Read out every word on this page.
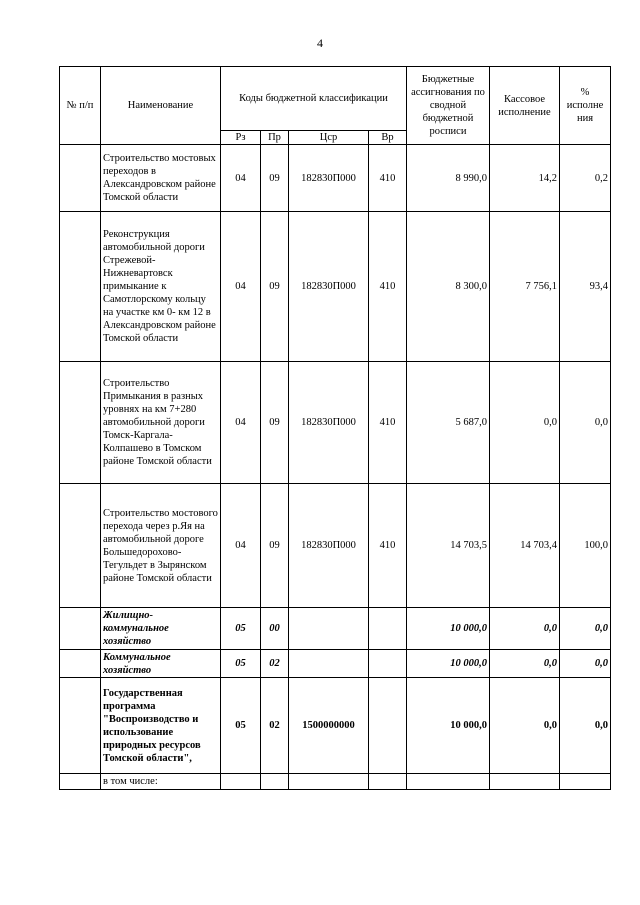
4
№ п/п	Наименование	Коды бюджетной классификации				Бюджетные ассигнования по сводной бюджетной росписи	Кассовое исполнение	% исполне ния
		Рз	Пр	Цср	Вр			
	Строительство мостовых переходов в Александровском районе Томской области	04	09	182830П000	410	8 990,0	14,2	0,2
	Реконструкция автомобильной дороги Стрежевой-Нижневартовск примыкание к Самотлорскому кольцу на участке км 0- км 12 в Александровском районе Томской области	04	09	182830П000	410	8 300,0	7 756,1	93,4
	Строительство Примыкания в разных уровнях на км 7+280 автомобильной дороги Томск-Каргала-Колпашево в Томском районе Томской области	04	09	182830П000	410	5 687,0	0,0	0,0
	Строительство мостового перехода через р.Яя на автомобильной дороге Большедорохово-Тегульдет в Зырянском районе Томской области	04	09	182830П000	410	14 703,5	14 703,4	100,0
	Жилищно-коммунальное хозяйство	05	00			10 000,0	0,0	0,0
	Коммунальное хозяйство	05	02			10 000,0	0,0	0,0
	Государственная программа "Воспроизводство и использование природных ресурсов Томской области",	05	02	1500000000		10 000,0	0,0	0,0
	в том числе:							
